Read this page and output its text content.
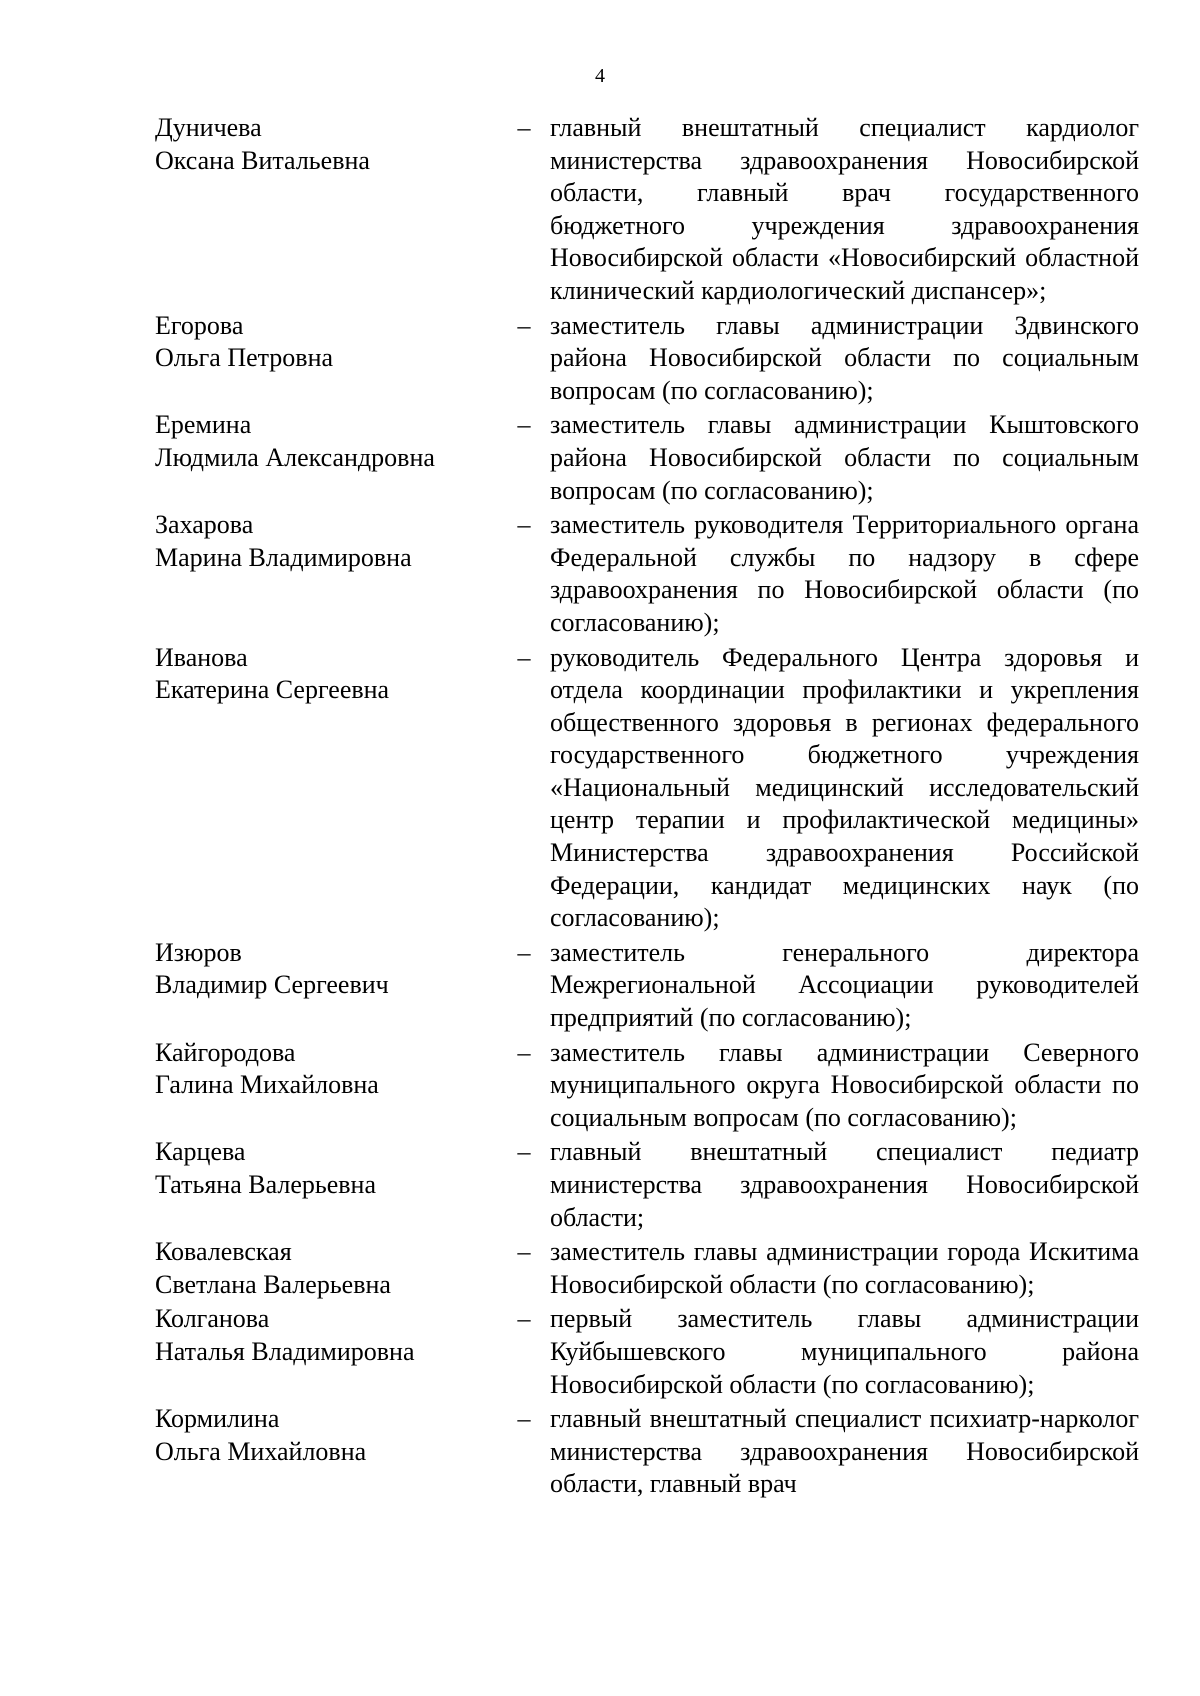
4
Дуничева
Оксана Витальевна
– главный внештатный специалист кардиолог министерства здравоохранения Новосибирской области, главный врач государственного бюджетного учреждения здравоохранения Новосибирской области «Новосибирский областной клинический кардиологический диспансер»;
Егорова
Ольга Петровна
– заместитель главы администрации Здвинского района Новосибирской области по социальным вопросам (по согласованию);
Еремина
Людмила Александровна
– заместитель главы администрации Кыштовского района Новосибирской области по социальным вопросам (по согласованию);
Захарова
Марина Владимировна
– заместитель руководителя Территориального органа Федеральной службы по надзору в сфере здравоохранения по Новосибирской области (по согласованию);
Иванова
Екатерина Сергеевна
– руководитель Федерального Центра здоровья и отдела координации профилактики и укрепления общественного здоровья в регионах федерального государственного бюджетного учреждения «Национальный медицинский исследовательский центр терапии и профилактической медицины» Министерства здравоохранения Российской Федерации, кандидат медицинских наук (по согласованию);
Изюров
Владимир Сергеевич
– заместитель генерального директора Межрегиональной Ассоциации руководителей предприятий (по согласованию);
Кайгородова
Галина Михайловна
– заместитель главы администрации Северного муниципального округа Новосибирской области по социальным вопросам (по согласованию);
Карцева
Татьяна Валерьевна
– главный внештатный специалист педиатр министерства здравоохранения Новосибирской области;
Ковалевская
Светлана Валерьевна
– заместитель главы администрации города Искитима Новосибирской области (по согласованию);
Колганова
Наталья Владимировна
– первый заместитель главы администрации Куйбышевского муниципального района Новосибирской области (по согласованию);
Кормилина
Ольга Михайловна
– главный внештатный специалист психиатр-нарколог министерства здравоохранения Новосибирской области, главный врач
